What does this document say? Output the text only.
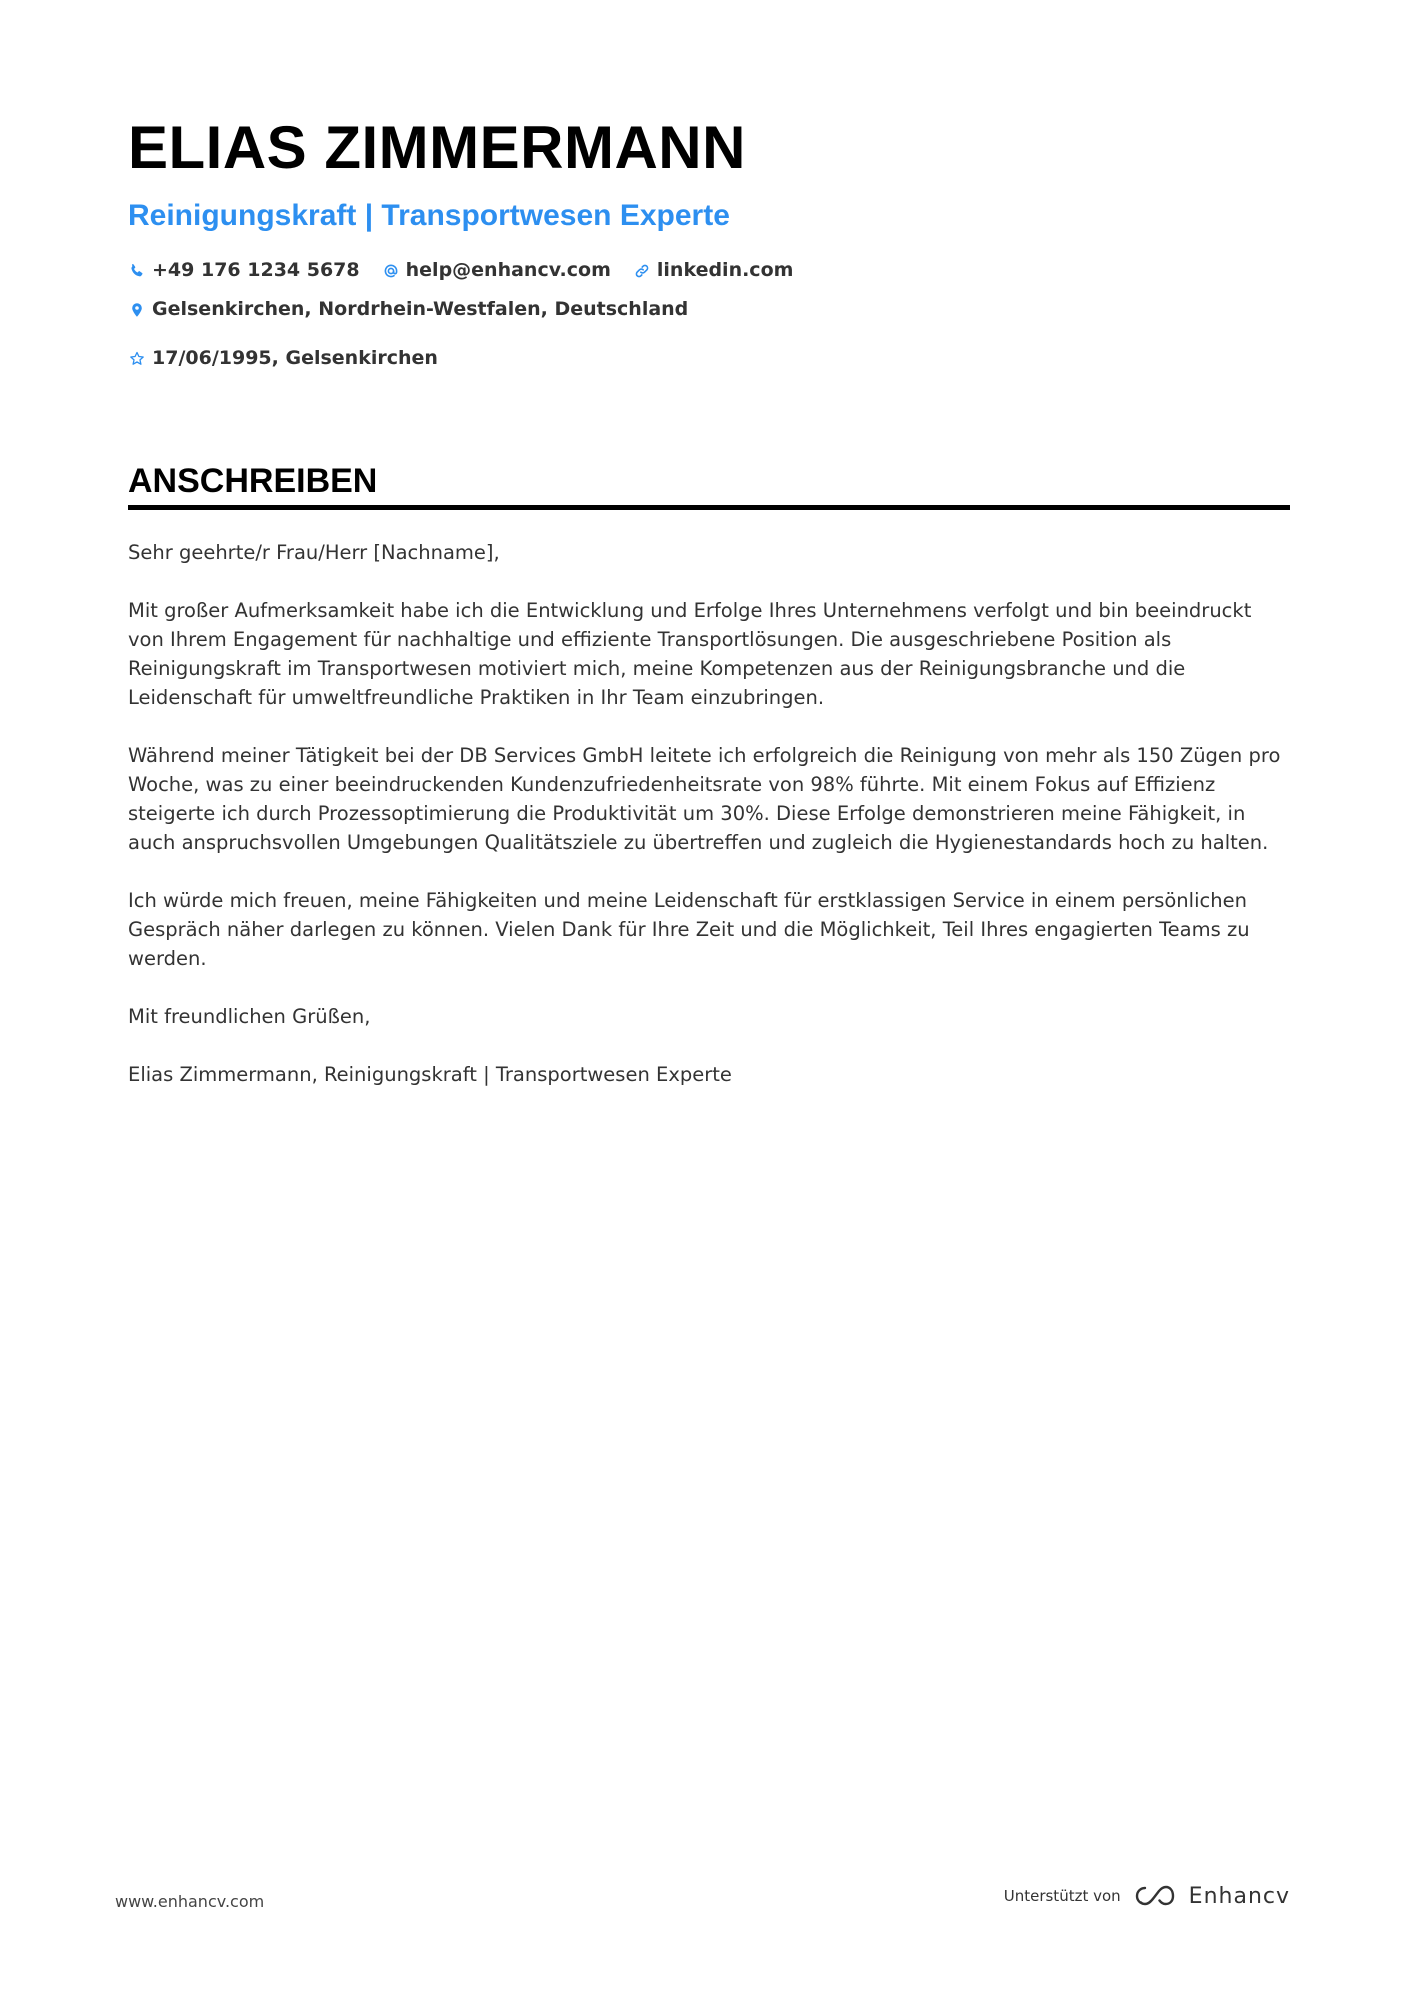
ELIAS ZIMMERMANN
Reinigungskraft | Transportwesen Experte
+49 176 1234 5678 help@enhancv.com linkedin.com
Gelsenkirchen, Nordrhein-Westfalen, Deutschland
17/06/1995, Gelsenkirchen
ANSCHREIBEN

Sehr geehrte/r Frau/Herr [Nachname],

Mit großer Aufmerksamkeit habe ich die Entwicklung und Erfolge Ihres Unternehmens verfolgt und bin beeindruckt von Ihrem Engagement für nachhaltige und effiziente Transportlösungen. Die ausgeschriebene Position als Reinigungskraft im Transportwesen motiviert mich, meine Kompetenzen aus der Reinigungsbranche und die Leidenschaft für umweltfreundliche Praktiken in Ihr Team einzubringen.

Während meiner Tätigkeit bei der DB Services GmbH leitete ich erfolgreich die Reinigung von mehr als 150 Zügen pro Woche, was zu einer beeindruckenden Kundenzufriedenheitsrate von 98% führte. Mit einem Fokus auf Effizienz steigerte ich durch Prozessoptimierung die Produktivität um 30%. Diese Erfolge demonstrieren meine Fähigkeit, in auch anspruchsvollen Umgebungen Qualitätsziele zu übertreffen und zugleich die Hygienestandards hoch zu halten.

Ich würde mich freuen, meine Fähigkeiten und meine Leidenschaft für erstklassigen Service in einem persönlichen Gespräch näher darlegen zu können. Vielen Dank für Ihre Zeit und die Möglichkeit, Teil Ihres engagierten Teams zu werden.

Mit freundlichen Grüßen,

Elias Zimmermann, Reinigungskraft | Transportwesen Experte

www.enhancv.com	Unterstützt von	Enhancv
